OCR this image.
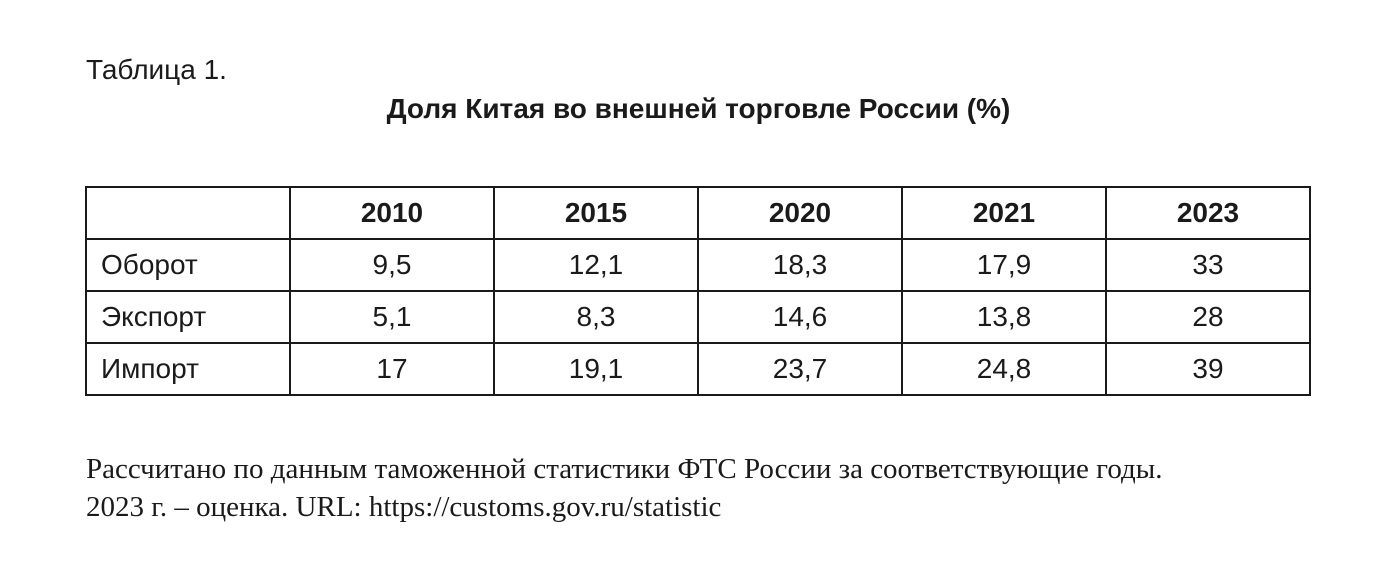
Таблица 1.
Доля Китая во внешней торговле России (%)
	2010	2015	2020	2021	2023
Оборот	9,5	12,1	18,3	17,9	33
Экспорт	5,1	8,3	14,6	13,8	28
Импорт	17	19,1	23,7	24,8	39
Рассчитано по данным таможенной статистики ФТС России за соответствующие годы.
2023 г. – оценка. URL: https://customs.gov.ru/statistic
